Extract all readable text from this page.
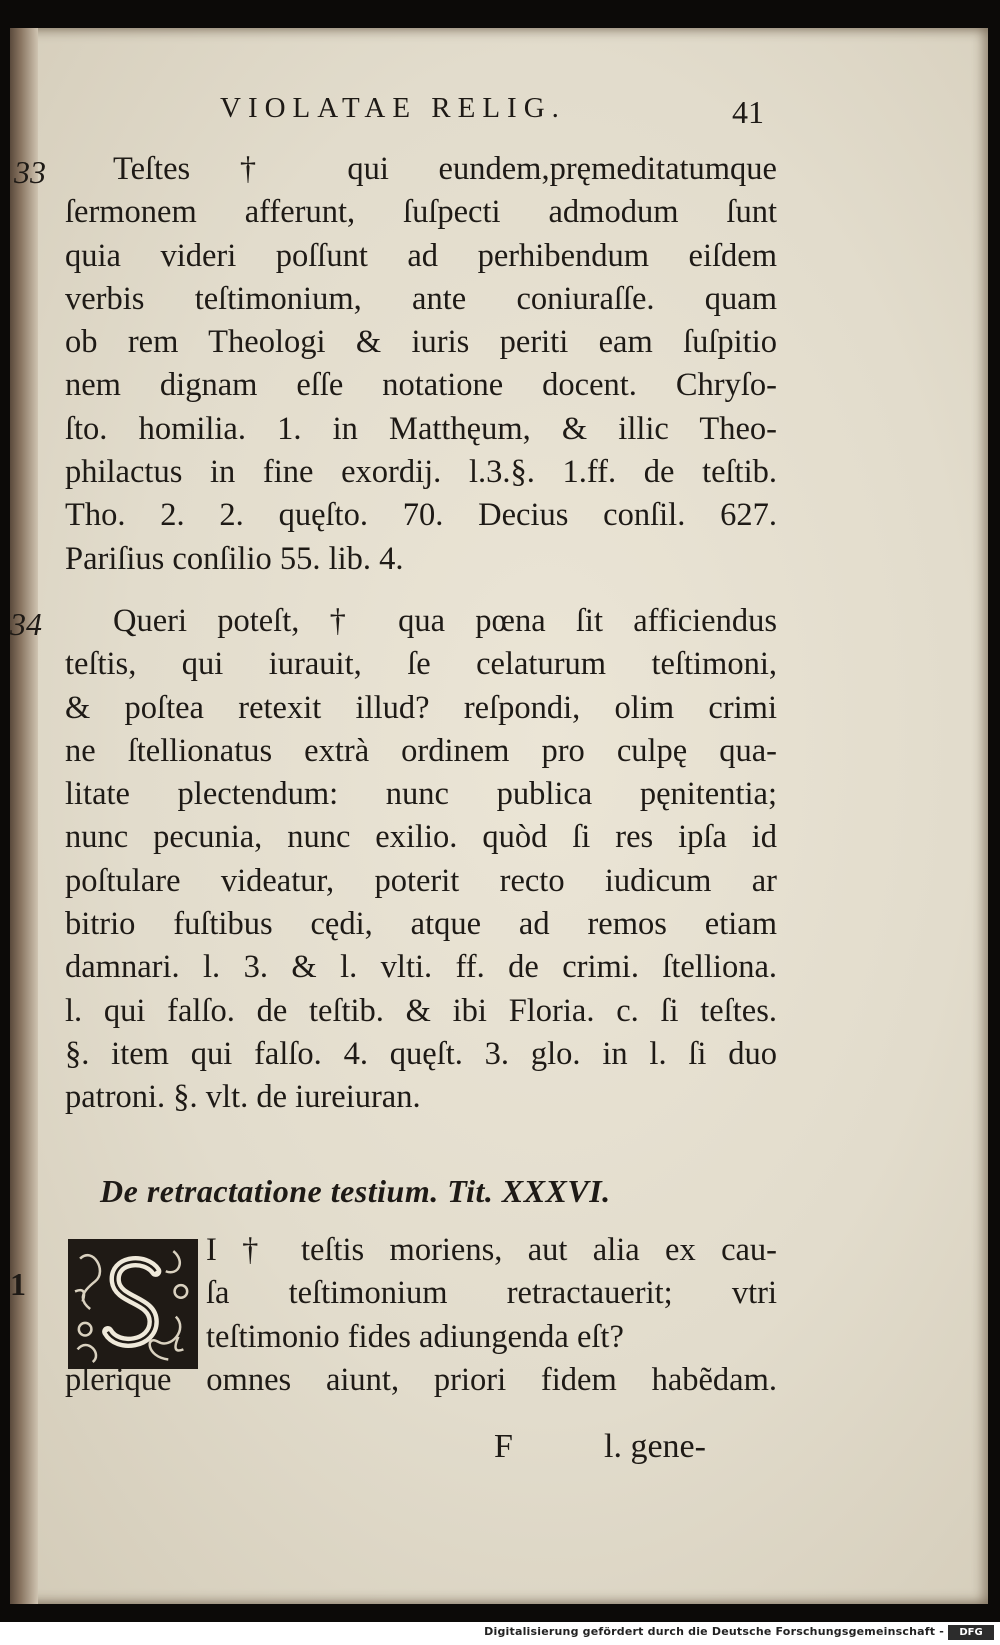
VIOLATAE RELIG.	41
33	Teſtes † qui eundem,pręmeditatumque
ſermonem afferunt, ſuſpecti admodum ſunt
quia videri poſſunt ad perhibendum eiſdem
verbis teſtimonium, ante coniuraſſe. quam
ob rem Theologi & iuris periti eam ſuſpitio
nem dignam eſſe notatione docent. Chryſo-
ſto. homilia. 1. in Matthęum, & illic Theo-
philactus in fine exordij. l.3.§. 1.ff. de teſtib.
Tho. 2. 2. quęſto. 70. Decius conſil. 627.
Pariſius conſilio 55. lib. 4.
34	Queri poteſt, † qua pœna ſit afficiendus
teſtis, qui iurauit, ſe celaturum teſtimoni,
& poſtea retexit illud? reſpondi, olim crimi
ne ſtellionatus extrà ordinem pro culpę qua-
litate plectendum: nunc publica pęnitentia;
nunc pecunia, nunc exilio. quòd ſi res ipſa id
poſtulare videatur, poterit recto iudicum ar
bitrio fuſtibus cędi, atque ad remos etiam
damnari. l. 3. & l. vlti. ff. de crimi. ſtelliona.
l. qui falſo. de teſtib. & ibi Floria. c. ſi teſtes.
§. item qui falſo. 4. quęſt. 3. glo. in l. ſi duo
patroni. §. vlt. de iureiuran.
De retractatione testium. Tit. XXXVI.
1
I † teſtis moriens, aut alia ex cau-
ſa teſtimonium retractauerit; vtri
teſtimonio fides adiungenda eſt?
plerique omnes aiunt, priori fidem habẽdam.
F	l. gene-
Digitalisierung gefördert durch die Deutsche Forschungsgemeinschaft -	DFG
